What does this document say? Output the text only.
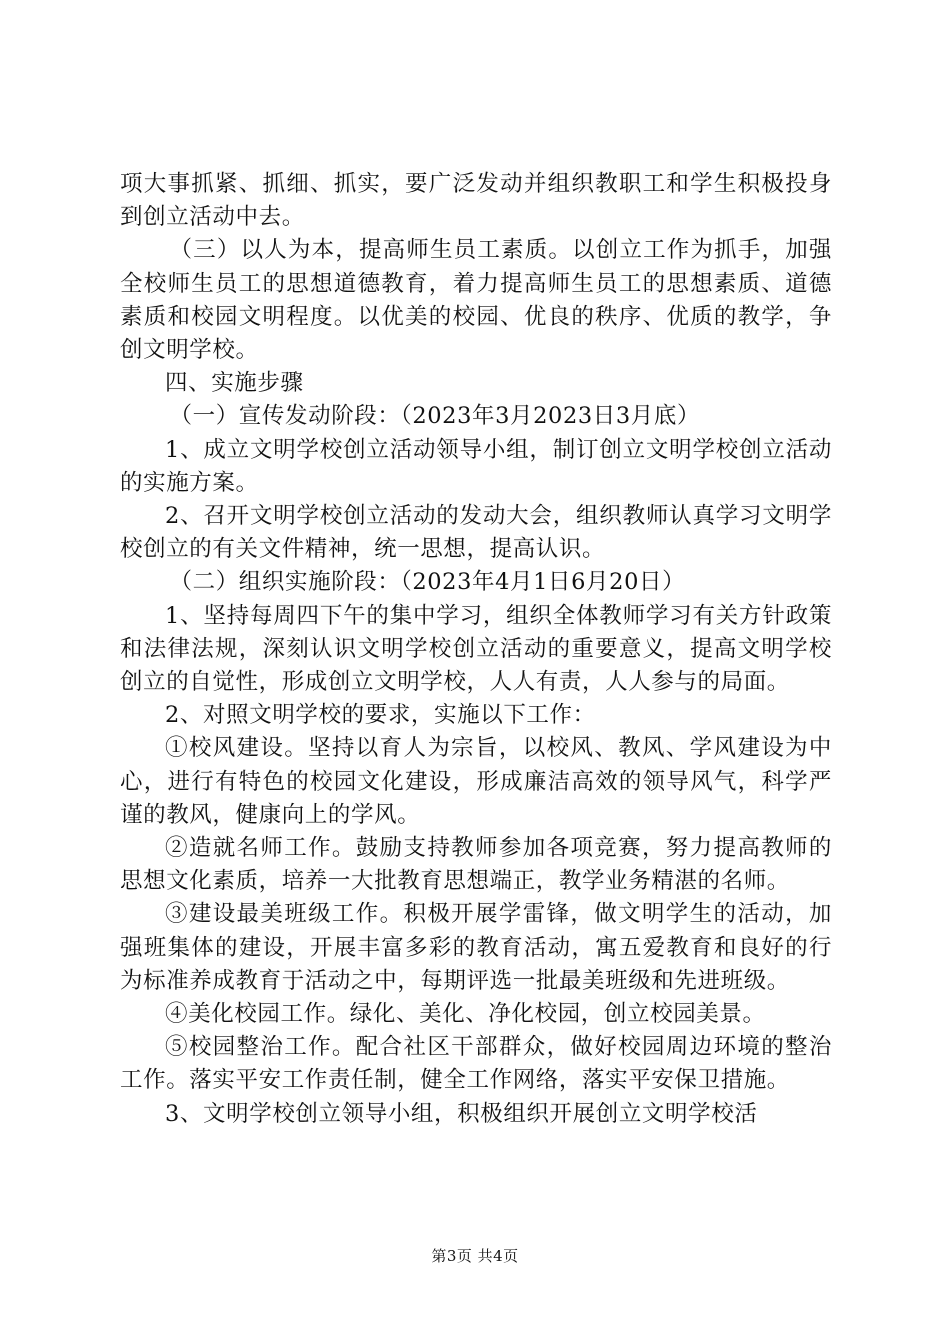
项大事抓紧、抓细、抓实，要广泛发动并组织教职工和学生积极投身到创立活动中去。

（三）以人为本，提高师生员工素质。以创立工作为抓手，加强全校师生员工的思想道德教育，着力提高师生员工的思想素质、道德素质和校园文明程度。以优美的校园、优良的秩序、优质的教学，争创文明学校。

四、实施步骤

（一）宣传发动阶段：（2023年3月2023日3月底）

1、成立文明学校创立活动领导小组，制订创立文明学校创立活动的实施方案。

2、召开文明学校创立活动的发动大会，组织教师认真学习文明学校创立的有关文件精神，统一思想，提高认识。

（二）组织实施阶段：（2023年4月1日6月20日）

1、坚持每周四下午的集中学习，组织全体教师学习有关方针政策和法律法规，深刻认识文明学校创立活动的重要意义，提高文明学校创立的自觉性，形成创立文明学校，人人有责，人人参与的局面。

2、对照文明学校的要求，实施以下工作：

①校风建设。坚持以育人为宗旨，以校风、教风、学风建设为中心，进行有特色的校园文化建设，形成廉洁高效的领导风气，科学严谨的教风，健康向上的学风。

②造就名师工作。鼓励支持教师参加各项竞赛，努力提高教师的思想文化素质，培养一大批教育思想端正，教学业务精湛的名师。

③建设最美班级工作。积极开展学雷锋，做文明学生的活动，加强班集体的建设，开展丰富多彩的教育活动，寓五爱教育和良好的行为标准养成教育于活动之中，每期评选一批最美班级和先进班级。

④美化校园工作。绿化、美化、净化校园，创立校园美景。

⑤校园整治工作。配合社区干部群众，做好校园周边环境的整治工作。落实平安工作责任制，健全工作网络，落实平安保卫措施。

3、文明学校创立领导小组，积极组织开展创立文明学校活

第3页 共4页
